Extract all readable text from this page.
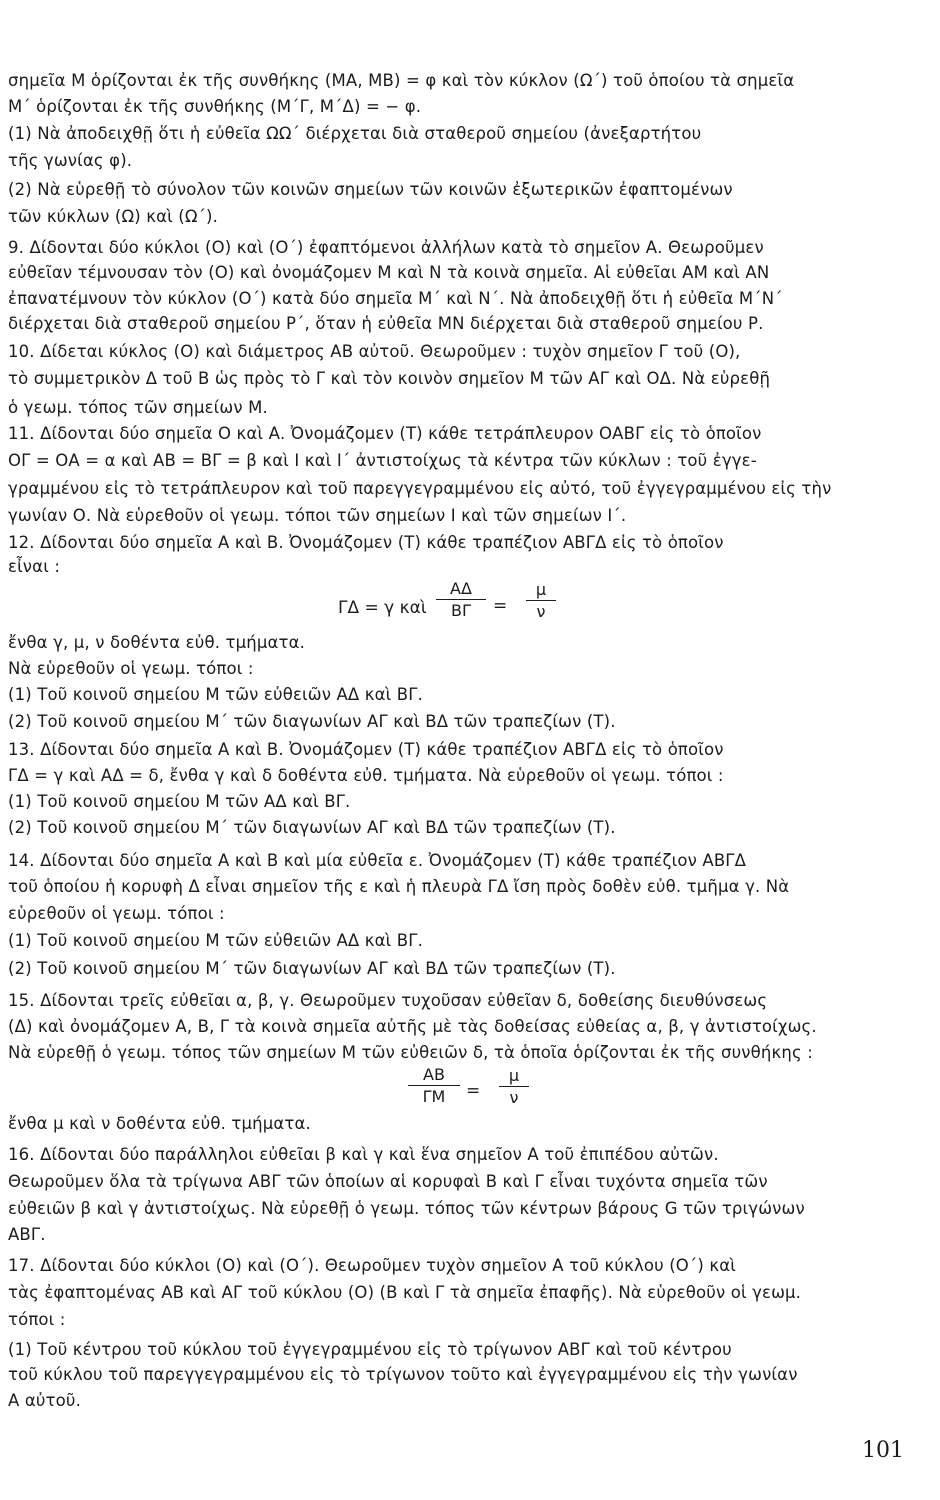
σημεῖα Μ ὁρίζονται ἐκ τῆς συνθήκης (ΜΑ, ΜΒ) = φ καὶ τὸν κύκλον (Ω΄) τοῦ ὁποίου τὰ σημεῖα
Μ΄ ὁρίζονται ἐκ τῆς συνθήκης (Μ΄Γ, Μ΄Δ) = − φ.
(1) Νὰ ἀποδειχθῇ ὅτι ἡ εὐθεῖα ΩΩ΄ διέρχεται διὰ σταθεροῦ σημείου (ἀνεξαρτήτου
τῆς γωνίας φ).
(2) Νὰ εὑρεθῇ τὸ σύνολον τῶν κοινῶν σημείων τῶν κοινῶν ἐξωτερικῶν ἐφαπτομένων
τῶν κύκλων (Ω) καὶ (Ω΄).
9. Δίδονται δύο κύκλοι (Ο) καὶ (Ο΄) ἐφαπτόμενοι ἀλλήλων κατὰ τὸ σημεῖον Α. Θεωροῦμεν
εὐθεῖαν τέμνουσαν τὸν (Ο) καὶ ὀνομάζομεν Μ καὶ Ν τὰ κοινὰ σημεῖα. Αἱ εὐθεῖαι ΑΜ καὶ ΑΝ
ἐπανατέμνουν τὸν κύκλον (Ο΄) κατὰ δύο σημεῖα Μ΄ καὶ Ν΄. Νὰ ἀποδειχθῇ ὅτι ἡ εὐθεῖα Μ΄Ν΄
διέρχεται διὰ σταθεροῦ σημείου Ρ΄, ὅταν ἡ εὐθεῖα ΜΝ διέρχεται διὰ σταθεροῦ σημείου Ρ.
10. Δίδεται κύκλος (Ο) καὶ διάμετρος ΑΒ αὐτοῦ. Θεωροῦμεν : τυχὸν σημεῖον Γ τοῦ (Ο),
τὸ συμμετρικὸν Δ τοῦ Β ὡς πρὸς τὸ Γ καὶ τὸν κοινὸν σημεῖον Μ τῶν ΑΓ καὶ ΟΔ. Νὰ εὑρεθῇ
ὁ γεωμ. τόπος τῶν σημείων Μ.
11. Δίδονται δύο σημεῖα Ο καὶ Α. Ὀνομάζομεν (Τ) κάθε τετράπλευρον ΟΑΒΓ εἰς τὸ ὁποῖον
ΟΓ = ΟΑ = α καὶ ΑΒ = ΒΓ = β καὶ Ι καὶ Ι΄ ἀντιστοίχως τὰ κέντρα τῶν κύκλων : τοῦ ἐγγε-
γραμμένου εἰς τὸ τετράπλευρον καὶ τοῦ παρεγγεγραμμένου εἰς αὐτό, τοῦ ἐγγεγραμμένου εἰς τὴν
γωνίαν Ο. Νὰ εὑρεθοῦν οἱ γεωμ. τόποι τῶν σημείων Ι καὶ τῶν σημείων Ι΄.
12. Δίδονται δύο σημεῖα Α καὶ Β. Ὀνομάζομεν (Τ) κάθε τραπέζιον ΑΒΓΔ εἰς τὸ ὁποῖον
εἶναι :
ΓΔ = γ καὶ $\frac{A\Delta}{B\Gamma} = \frac{\mu}{\nu}$
ἔνθα γ, μ, ν δοθέντα εὐθ. τμήματα.
Νὰ εὑρεθοῦν οἱ γεωμ. τόποι :
(1) Τοῦ κοινοῦ σημείου Μ τῶν εὐθειῶν ΑΔ καὶ ΒΓ.
(2) Τοῦ κοινοῦ σημείου Μ΄ τῶν διαγωνίων ΑΓ καὶ ΒΔ τῶν τραπεζίων (Τ).
13. Δίδονται δύο σημεῖα Α καὶ Β. Ὀνομάζομεν (Τ) κάθε τραπέζιον ΑΒΓΔ εἰς τὸ ὁποῖον
ΓΔ = γ καὶ ΑΔ = δ, ἔνθα γ καὶ δ δοθέντα εὐθ. τμήματα. Νὰ εὑρεθοῦν οἱ γεωμ. τόποι :
(1) Τοῦ κοινοῦ σημείου Μ τῶν ΑΔ καὶ ΒΓ.
(2) Τοῦ κοινοῦ σημείου Μ΄ τῶν διαγωνίων ΑΓ καὶ ΒΔ τῶν τραπεζίων (Τ).
14. Δίδονται δύο σημεῖα Α καὶ Β καὶ μία εὐθεῖα ε. Ὀνομάζομεν (Τ) κάθε τραπέζιον ΑΒΓΔ
τοῦ ὁποίου ἡ κορυφὴ Δ εἶναι σημεῖον τῆς ε καὶ ἡ πλευρὰ ΓΔ ἴση πρὸς δοθὲν εὐθ. τμῆμα γ. Νὰ
εὑρεθοῦν οἱ γεωμ. τόποι :
(1) Τοῦ κοινοῦ σημείου Μ τῶν εὐθειῶν ΑΔ καὶ ΒΓ.
(2) Τοῦ κοινοῦ σημείου Μ΄ τῶν διαγωνίων ΑΓ καὶ ΒΔ τῶν τραπεζίων (Τ).
15. Δίδονται τρεῖς εὐθεῖαι α, β, γ. Θεωροῦμεν τυχοῦσαν εὐθεῖαν δ, δοθείσης διευθύνσεως
(Δ) καὶ ὀνομάζομεν Α, Β, Γ τὰ κοινὰ σημεῖα αὐτῆς μὲ τὰς δοθείσας εὐθείας α, β, γ ἀντιστοίχως.
Νὰ εὑρεθῇ ὁ γεωμ. τόπος τῶν σημείων Μ τῶν εὐθειῶν δ, τὰ ὁποῖα ὁρίζονται ἐκ τῆς συνθήκης :
$\frac{AB}{\Gamma M} = \frac{\mu}{\nu}$
ἔνθα μ καὶ ν δοθέντα εὐθ. τμήματα.
16. Δίδονται δύο παράλληλοι εὐθεῖαι β καὶ γ καὶ ἕνα σημεῖον Α τοῦ ἐπιπέδου αὐτῶν.
Θεωροῦμεν ὅλα τὰ τρίγωνα ΑΒΓ τῶν ὁποίων αἱ κορυφαὶ Β καὶ Γ εἶναι τυχόντα σημεῖα τῶν
εὐθειῶν β καὶ γ ἀντιστοίχως. Νὰ εὑρεθῇ ὁ γεωμ. τόπος τῶν κέντρων βάρους G τῶν τριγώνων
ΑΒΓ.
17. Δίδονται δύο κύκλοι (Ο) καὶ (Ο΄). Θεωροῦμεν τυχὸν σημεῖον Α τοῦ κύκλου (Ο΄) καὶ
τὰς ἐφαπτομένας ΑΒ καὶ ΑΓ τοῦ κύκλου (Ο) (Β καὶ Γ τὰ σημεῖα ἐπαφῆς). Νὰ εὑρεθοῦν οἱ γεωμ.
τόποι :
(1) Τοῦ κέντρου τοῦ κύκλου τοῦ ἐγγεγραμμένου εἰς τὸ τρίγωνον ΑΒΓ καὶ τοῦ κέντρου
τοῦ κύκλου τοῦ παρεγγεγραμμένου εἰς τὸ τρίγωνον τοῦτο καὶ ἐγγεγραμμένου εἰς τὴν γωνίαν
Α αὐτοῦ.
101
